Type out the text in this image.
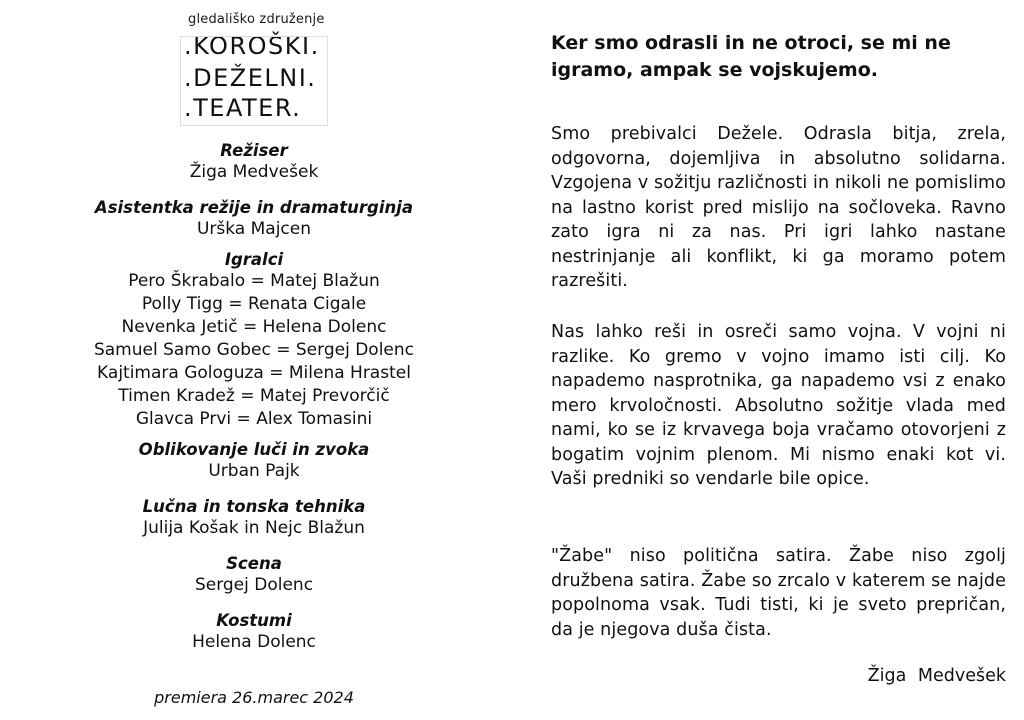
gledališko združenje
.KOROŠKI.
.DEŽELNI.
.TEATER.
Režiser
Žiga Medvešek
Asistentka režije in dramaturginja
Urška Majcen
Igralci
Pero Škrabalo = Matej Blažun
Polly Tigg = Renata Cigale
Nevenka Jetič = Helena Dolenc
Samuel Samo Gobec = Sergej Dolenc
Kajtimara Gologuza = Milena Hrastel
Timen Kradež = Matej Prevorčič
Glavca Prvi = Alex Tomasini
Oblikovanje luči in zvoka
Urban Pajk
Lučna in tonska tehnika
Julija Košak in Nejc Blažun
Scena
Sergej Dolenc
Kostumi
Helena Dolenc
premiera 26.marec 2024

Ker smo odrasli in ne otroci, se mi ne igramo, ampak se vojskujemo.

Smo prebivalci Dežele. Odrasla bitja, zrela, odgovorna, dojemljiva in absolutno solidarna. Vzgojena v sožitju različnosti in nikoli ne pomislimo na lastno korist pred mislijo na sočloveka. Ravno zato igra ni za nas. Pri igri lahko nastane nestrinjanje ali konflikt, ki ga moramo potem razrešiti.

Nas lahko reši in osreči samo vojna. V vojni ni razlike. Ko gremo v vojno imamo isti cilj. Ko napademo nasprotnika, ga napademo vsi z enako mero krvoločnosti. Absolutno sožitje vlada med nami, ko se iz krvavega boja vračamo otovorjeni z bogatim vojnim plenom. Mi nismo enaki kot vi. Vaši predniki so vendarle bile opice.

"Žabe" niso politična satira. Žabe niso zgolj družbena satira. Žabe so zrcalo v katerem se najde popolnoma vsak. Tudi tisti, ki je sveto prepričan, da je njegova duša čista.

Žiga Medvešek
